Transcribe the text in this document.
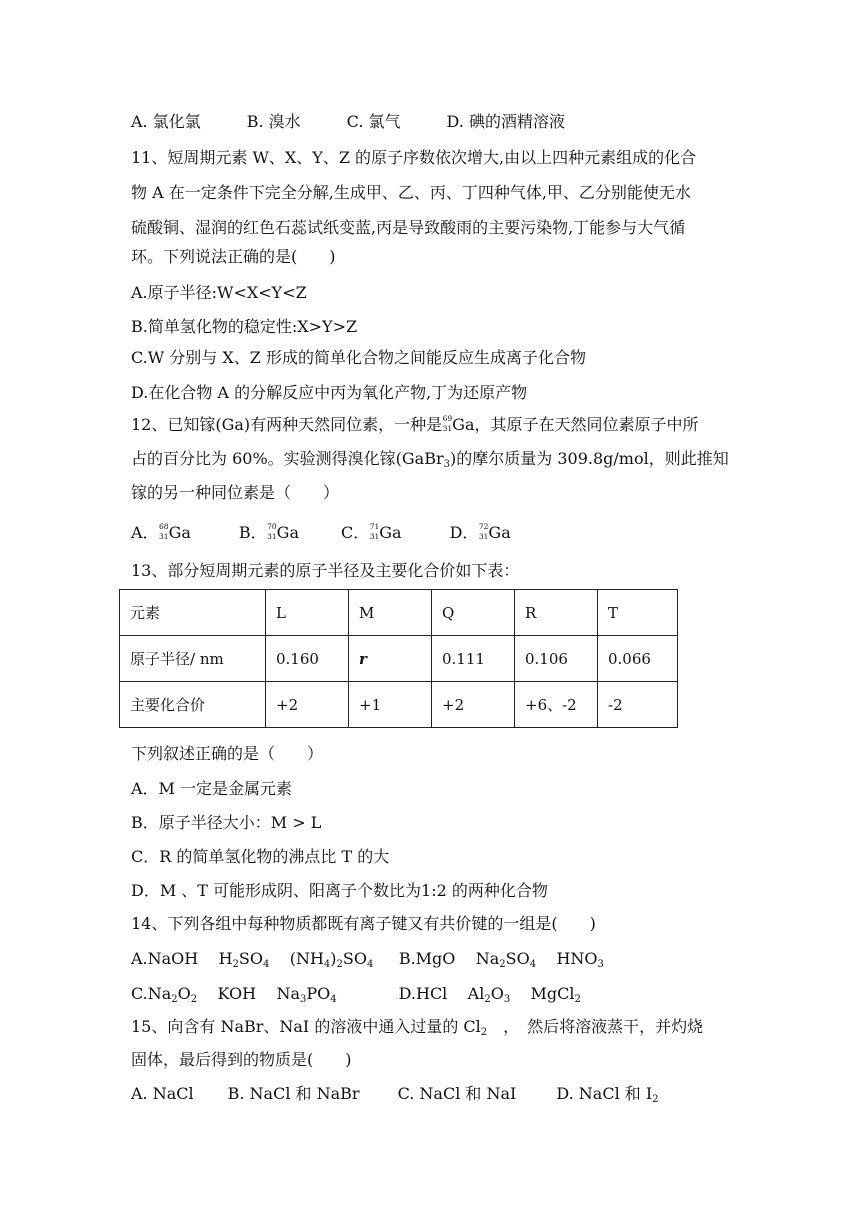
A. 氯化氯	B. 溴水	C. 氯气	D. 碘的酒精溶液
11、短周期元素 W、X、Y、Z 的原子序数依次增大,由以上四种元素组成的化合
物 A 在一定条件下完全分解,生成甲、乙、丙、丁四种气体,甲、乙分别能使无水
硫酸铜、湿润的红色石蕊试纸变蓝,丙是导致酸雨的主要污染物,丁能参与大气循
环。下列说法正确的是(　　)
A.原子半径:W<X<Y<Z
B.简单氢化物的稳定性:X>Y>Z
C.W 分别与 X、Z 形成的简单化合物之间能反应生成离子化合物
D.在化合物 A 的分解反应中丙为氧化产物,丁为还原产物
12、已知镓(Ga)有两种天然同位素，一种是 69
31 Ga，其原子在天然同位素原子中所
占的百分比为 60%。实验测得溴化镓(GaBr$_3$)的摩尔质量为 309.8g/mol，则此推知
镓的另一种同位素是（　　）
A． 68
31 Ga	B． 70
31 Ga	C． 71
31 Ga	D． 72
31 Ga
13、部分短周期元素的原子半径及主要化合价如下表：
元素	L	M	Q	R	T
原子半径/ nm	0.160	r	0.111	0.106	0.066
主要化合价	+2	+1	+2	+6、-2	-2
下列叙述正确的是（　　）
A．M 一定是金属元素
B．原子半径大小：M > L
C．R 的简单氢化物的沸点比 T 的大
D．M 、T 可能形成阴、阳离子个数比为1:2 的两种化合物
14、下列各组中每种物质都既有离子键又有共价键的一组是(　　)
A.NaOH    $H_2SO_4$    $(NH_4)_2SO_4$ B.MgO    $Na_2SO_4$    $HNO_3$
$C.Na_2O_2$    KOH    $Na_3PO_4$	D.HCl    $Al_2O_3$    MgCl$_2$
15、向含有 NaBr、NaI 的溶液中通入过量的 $Cl_2$　，　然后将溶液蒸干，并灼烧
固体，最后得到的物质是(　　)
A. NaCl B. NaCl 和 NaBr C. NaCl 和 NaI	D. NaCl 和 $I_2$
